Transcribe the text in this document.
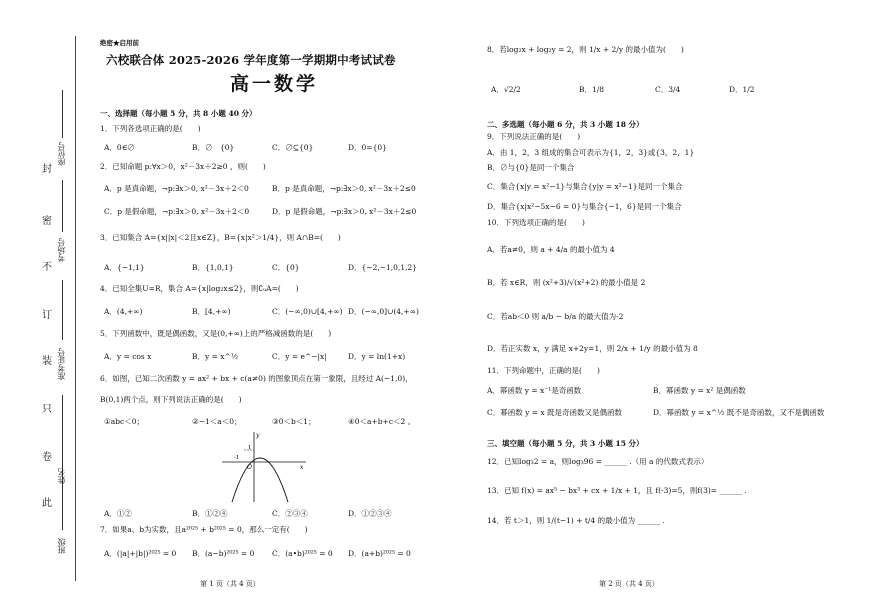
封
密
不
订
装
只
卷
此
班级
姓名
准考证号
考场号
座位号
绝密★启用前
六校联合体 2025-2026 学年度第一学期期中考试试卷
高一数学
一、选择题（每小题 5 分，共 8 小题 40 分）
1．下列各选项正确的是(　　)
A．0∈∅	B．∅　{0}	C．∅⊆{0}	D．0={0}
2．已知命题 p:∀x＞0，x²－3x＋2≥0 ，则(　　)
A．p 是真命题，¬p:∃x＞0, x²－3x＋2＜0	B．p 是真命题，¬p:∃x＞0, x²－3x＋2≤0
C．p 是假命题，¬p:∃x＞0, x²－3x＋2＜0	D．p 是假命题，¬p:∃x＞0, x²－3x＋2≤0
3．已知集合 A={x||x|＜2且x∈Z}，B={x|x²＞1/4}，则 A∩B=(　　)
A．{−1,1}	B．{1,0,1}	C．{0}	D．{−2,−1,0,1,2}
4．已知全集U=R，集合 A={x|log₂x≤2}，则∁ᵤA=(　　)
A．(4,+∞)	B．[4,+∞)	C．(−∞,0)∪[4,+∞) D．(−∞,0]∪(4,+∞)
5．下列函数中，既是偶函数，又是(0,+∞)上的严格减函数的是(　　)
A．y = cos x	B．y = x^½	C．y = e^−|x|	D．y = ln(1+x)
6．如图，已知二次函数 y = ax² + bx + c(a≠0) 的图象顶点在第一象限，且经过 A(−1,0)，
B(0,1)两个点，则下列说法正确的是(　　)
①abc＜0；	②−1＜a＜0；	③0＜b＜1；	④0＜a+b+c＜2 。
y
1
-1
O	x
A．①②	B．①②④	C．②③④	D．①②③④
7．如果a、b为实数，且a²⁰²⁵ + b²⁰²⁵ = 0，那么一定有(　　)
A．(|a|+|b|)²⁰²⁵ = 0 B．(a−b)²⁰²⁵ = 0 C．(a•b)²⁰²⁵ = 0 D．(a+b)²⁰²⁵ = 0
第 1 页（共 4 页）
8．若log₂x + log₂y = 2，则 1/x + 2/y 的最小值为(　　)
A．√2/2	B．1/8	C．3/4	D．1/2
二、多选题（每小题 6 分，共 3 小题 18 分）
9．下列说法正确的是(　　)
A．由 1，2，3 组成的集合可表示为{1，2，3}或{3，2，1}
B．∅与{0}是同一个集合
C．集合{x|y = x²−1}与集合{y|y = x²−1}是同一个集合
D．集合{x|x²−5x−6 = 0}与集合{−1，6}是同一个集合
10．下列选项正确的是(　　)
A．若a≠0，则 a + 4/a 的最小值为 4
B．若 x∈R，则 (x²+3)/√(x²+2) 的最小值是 2
C．若ab＜0 则 a/b − b/a 的最大值为-2
D．若正实数 x，y 满足 x+2y=1，则 2/x + 1/y 的最小值为 8
11．下列命题中，正确的是(　　)
A．幂函数 y = x⁻¹是奇函数	B．幂函数 y = x² 是偶函数
C．幂函数 y = x 既是奇函数又是偶函数	D．幂函数 y = x^½ 既不是奇函数，又不是偶函数
三、填空题（每小题 5 分，共 3 小题 15 分）
12．已知log₃2 = a，则log₃96 = ______ .（用 a 的代数式表示）
13．已知 f(x) = ax⁵ − bx³ + cx + 1/x + 1，且 f(-3)=5，则f(3)= ______ .
14．若 t＞1，则 1/(t−1) + t/4 的最小值为 ______ .
第 2 页（共 4 页）
